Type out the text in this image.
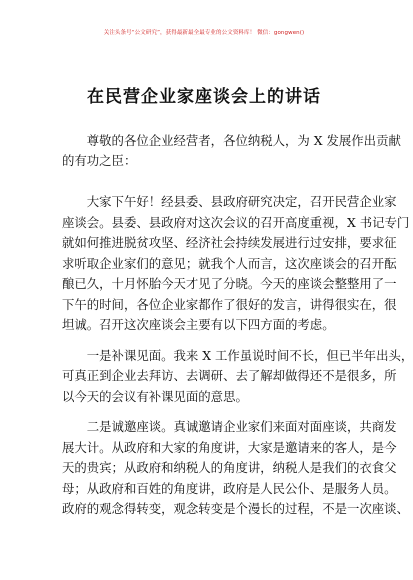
关注头条号“公文研究”，获得最新最全最专业的公文资料库！ 微信：gongwen()
在民营企业家座谈会上的讲话

　　尊敬的各位企业经营者，各位纳税人，为 X 发展作出贡献
的有功之臣：

　　大家下午好！经县委、县政府研究决定，召开民营企业家
座谈会。县委、县政府对这次会议的召开高度重视，X 书记专门
就如何推进脱贫攻坚、经济社会持续发展进行过安排，要求征
求听取企业家们的意见；就我个人而言，这次座谈会的召开酝
酿已久，十月怀胎今天才见了分晓。今天的座谈会整整用了一
下午的时间，各位企业家都作了很好的发言，讲得很实在，很
坦诚。召开这次座谈会主要有以下四方面的考虑。
　　一是补课见面。我来 X 工作虽说时间不长，但已半年出头，
可真正到企业去拜访、去调研、去了解却做得还不是很多，所
以今天的会议有补课见面的意思。
　　二是诚邀座谈。真诚邀请企业家们来面对面座谈，共商发
展大计。从政府和大家的角度讲，大家是邀请来的客人，是今
天的贵宾；从政府和纳税人的角度讲，纳税人是我们的衣食父
母；从政府和百姓的角度讲，政府是人民公仆、是服务人员。
政府的观念得转变，观念转变是个漫长的过程，不是一次座谈、
